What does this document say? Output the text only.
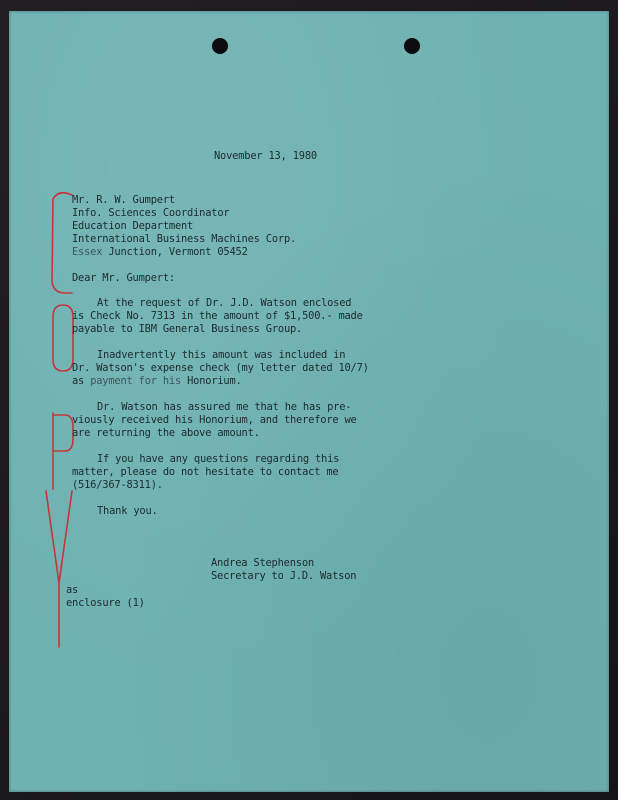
November 13, 1980
Mr. R. W. Gumpert
Info. Sciences Coordinator
Education Department
International Business Machines Corp.
Essex Junction, Vermont 05452
Dear Mr. Gumpert:
At the request of Dr. J.D. Watson enclosed
is Check No. 7313 in the amount of $1,500.- made
payable to IBM General Business Group.
Inadvertently this amount was included in
Dr. Watson's expense check (my letter dated 10/7)
as payment for his Honorium.
Dr. Watson has assured me that he has pre-
viously received his Honorium, and therefore we
are returning the above amount.
If you have any questions regarding this
matter, please do not hesitate to contact me
(516/367-8311).
Thank you.
Andrea Stephenson
Secretary to J.D. Watson
as
enclosure (1)
